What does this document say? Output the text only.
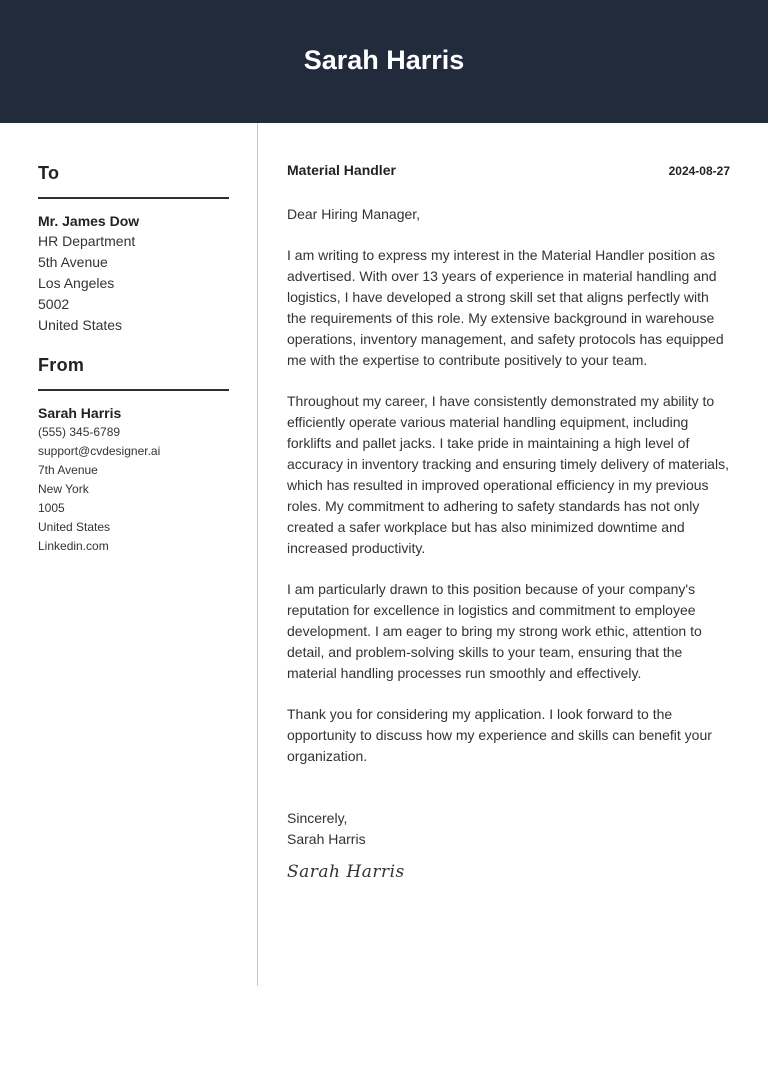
Sarah Harris
To
Mr. James Dow
HR Department
5th Avenue
Los Angeles
5002
United States
From
Sarah Harris
(555) 345-6789
support@cvdesigner.ai
7th Avenue
New York
1005
United States
Linkedin.com
Material Handler	2024-08-27
Dear Hiring Manager,
I am writing to express my interest in the Material Handler position as advertised. With over 13 years of experience in material handling and logistics, I have developed a strong skill set that aligns perfectly with the requirements of this role. My extensive background in warehouse operations, inventory management, and safety protocols has equipped me with the expertise to contribute positively to your team.
Throughout my career, I have consistently demonstrated my ability to efficiently operate various material handling equipment, including forklifts and pallet jacks. I take pride in maintaining a high level of accuracy in inventory tracking and ensuring timely delivery of materials, which has resulted in improved operational efficiency in my previous roles. My commitment to adhering to safety standards has not only created a safer workplace but has also minimized downtime and increased productivity.
I am particularly drawn to this position because of your company's reputation for excellence in logistics and commitment to employee development. I am eager to bring my strong work ethic, attention to detail, and problem-solving skills to your team, ensuring that the material handling processes run smoothly and effectively.
Thank you for considering my application. I look forward to the opportunity to discuss how my experience and skills can benefit your organization.
Sincerely,
Sarah Harris
Sarah Harris
